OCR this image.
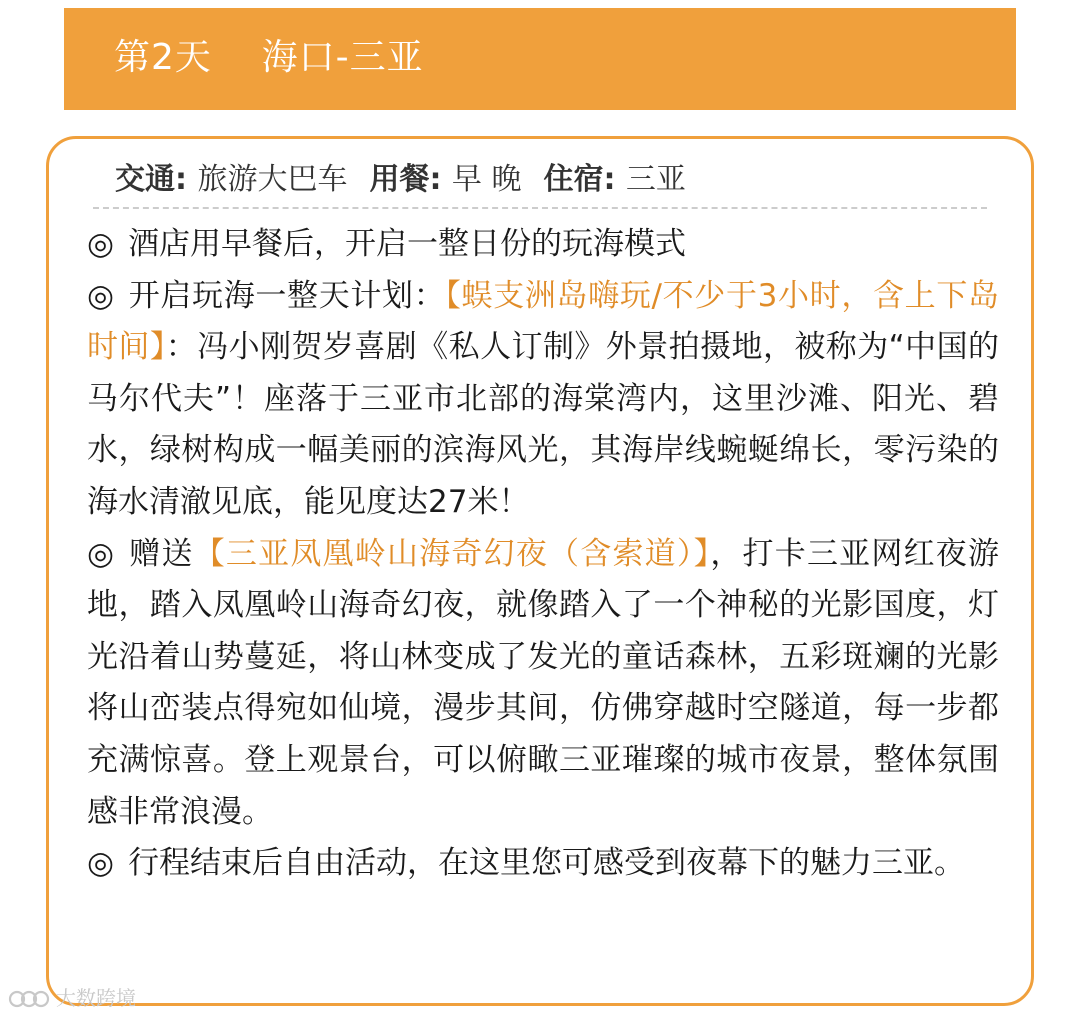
第2天    海口-三亚
交通: 旅游大巴车 用餐: 早 晚 住宿: 三亚

◎ 酒店用早餐后，开启一整日份的玩海模式

◎ 开启玩海一整天计划：【蜈支洲岛嗨玩/不少于3小时，含上下岛时间】：冯小刚贺岁喜剧《私人订制》外景拍摄地，被称为“中国的马尔代夫”！座落于三亚市北部的海棠湾内，这里沙滩、阳光、碧水，绿树构成一幅美丽的滨海风光，其海岸线蜿蜒绵长，零污染的海水清澈见底，能见度达27米！

◎ 赠送【三亚凤凰岭山海奇幻夜（含索道）】，打卡三亚网红夜游地，踏入凤凰岭山海奇幻夜，就像踏入了一个神秘的光影国度，灯光沿着山势蔓延，将山林变成了发光的童话森林，五彩斑斓的光影将山峦装点得宛如仙境，漫步其间，仿佛穿越时空隧道，每一步都充满惊喜。登上观景台，可以俯瞰三亚璀璨的城市夜景，整体氛围感非常浪漫。

◎ 行程结束后自由活动，在这里您可感受到夜幕下的魅力三亚。

大数跨境
